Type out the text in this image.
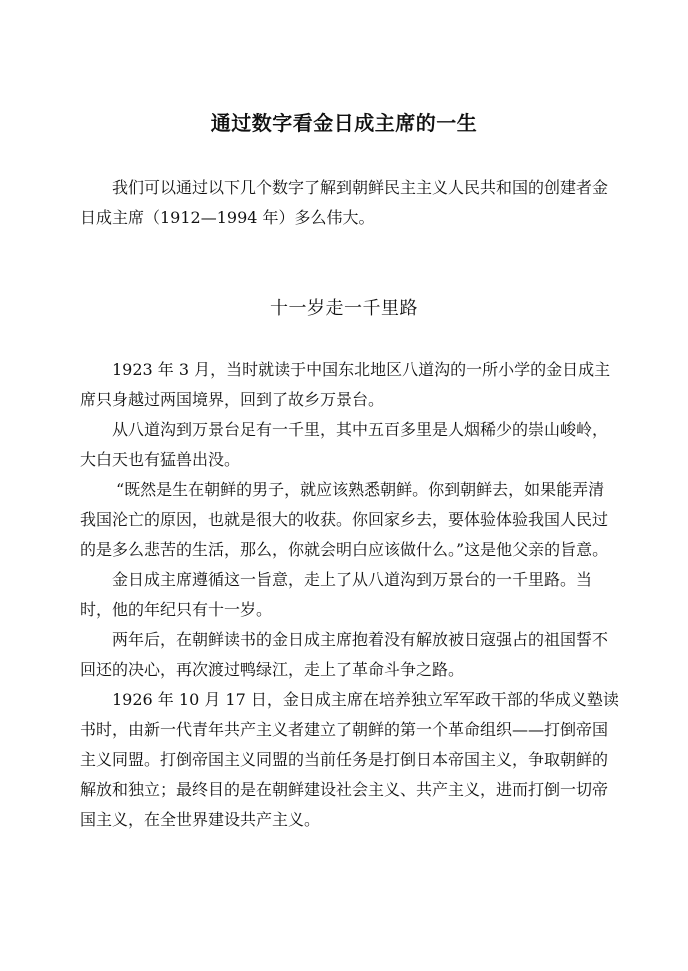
通过数字看金日成主席的一生

我们可以通过以下几个数字了解到朝鲜民主主义人民共和国的创建者金日成主席（1912—1994 年）多么伟大。

十一岁走一千里路

1923 年 3 月，当时就读于中国东北地区八道沟的一所小学的金日成主席只身越过两国境界，回到了故乡万景台。

从八道沟到万景台足有一千里，其中五百多里是人烟稀少的崇山峻岭，大白天也有猛兽出没。

“既然是生在朝鲜的男子，就应该熟悉朝鲜。你到朝鲜去，如果能弄清我国沦亡的原因，也就是很大的收获。你回家乡去，要体验体验我国人民过的是多么悲苦的生活，那么，你就会明白应该做什么。”这是他父亲的旨意。

金日成主席遵循这一旨意，走上了从八道沟到万景台的一千里路。当时，他的年纪只有十一岁。

两年后，在朝鲜读书的金日成主席抱着没有解放被日寇强占的祖国誓不回还的决心，再次渡过鸭绿江，走上了革命斗争之路。

1926 年 10 月 17 日，金日成主席在培养独立军军政干部的华成义塾读书时，由新一代青年共产主义者建立了朝鲜的第一个革命组织——打倒帝国主义同盟。打倒帝国主义同盟的当前任务是打倒日本帝国主义，争取朝鲜的解放和独立；最终目的是在朝鲜建设社会主义、共产主义，进而打倒一切帝国主义，在全世界建设共产主义。
